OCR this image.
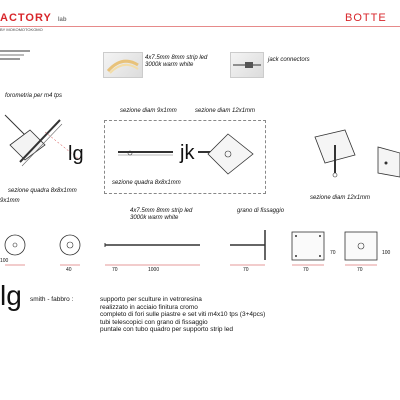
ACTORY lab
BY MOKOMOTOKOMO
BOTTE
4x7.5mm 8mm strip led
3000k warm white
jack connectors
forometria per m4 tps
lg
sezione quadra 8x8x1mm
sezione diam 9x1mm	sezione diam 12x1mm
jk
sezione quadra 8x8x1mm
sezione diam 12x1mm
9x1mm
4x7.5mm 8mm strip led
3000k warm white
grano di fissaggio
100
40	70	1000	70	70
70
70
100
lg smith - fabbro :	supporto per sculture in vetroresina
realizzato in acciaio finitura cromo
completo di fori sulle piastre e set viti m4x10 tps (3+4pcs)
tubi telescopici con grano di fissaggio
puntale con tubo quadro per supporto strip led
